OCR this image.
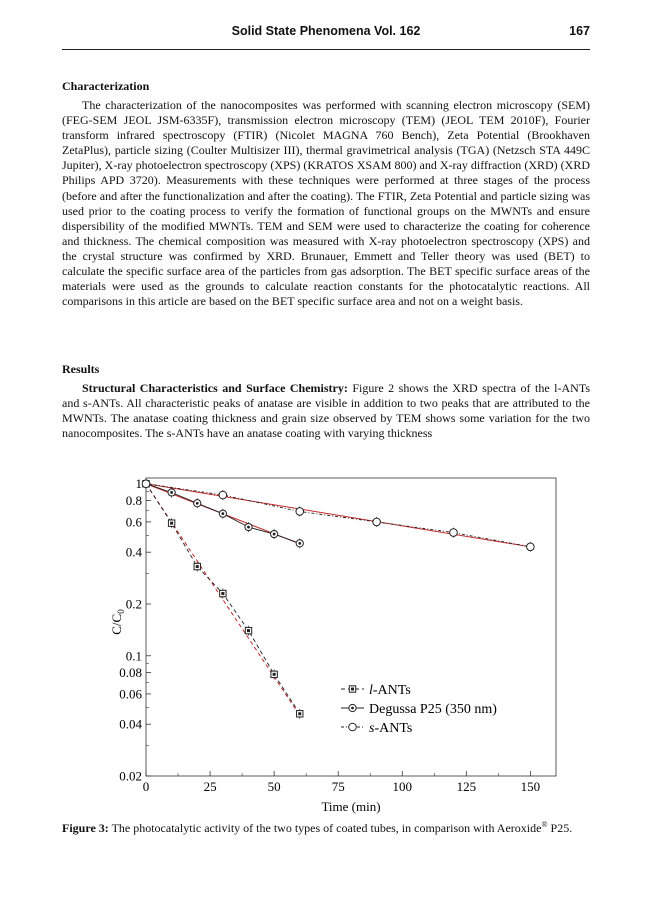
Solid State Phenomena Vol. 162	167
Characterization

The characterization of the nanocomposites was performed with scanning electron microscopy (SEM) (FEG-SEM JEOL JSM-6335F), transmission electron microscopy (TEM) (JEOL TEM 2010F), Fourier transform infrared spectroscopy (FTIR) (Nicolet MAGNA 760 Bench), Zeta Potential (Brookhaven ZetaPlus), particle sizing (Coulter Multisizer III), thermal gravimetrical analysis (TGA) (Netzsch STA 449C Jupiter), X-ray photoelectron spectroscopy (XPS) (KRATOS XSAM 800) and X-ray diffraction (XRD) (XRD Philips APD 3720). Measurements with these techniques were performed at three stages of the process (before and after the functionalization and after the coating). The FTIR, Zeta Potential and particle sizing was used prior to the coating process to verify the formation of functional groups on the MWNTs and ensure dispersibility of the modified MWNTs. TEM and SEM were used to characterize the coating for coherence and thickness. The chemical composition was measured with X-ray photoelectron spectroscopy (XPS) and the crystal structure was confirmed by XRD. Brunauer, Emmett and Teller theory was used (BET) to calculate the specific surface area of the particles from gas adsorption. The BET specific surface areas of the materials were used as the grounds to calculate reaction constants for the photocatalytic reactions. All comparisons in this article are based on the BET specific surface area and not on a weight basis.

Results

Structural Characteristics and Surface Chemistry: Figure 2 shows the XRD spectra of the l-ANTs and s-ANTs. All characteristic peaks of anatase are visible in addition to two peaks that are attributed to the MWNTs. The anatase coating thickness and grain size observed by TEM shows some variation for the two nanocomposites. The s-ANTs have an anatase coating with varying thickness

0	25	50	75	100	125	150
0.02
0.04
0.06
0.08
0.1
0.2
0.4
0.6
0.8
1
Time (min)
$C/C_0$
l-ANTs
Degussa P25 (350 nm)
s-ANTs

Figure 3: The photocatalytic activity of the two types of coated tubes, in comparison with Aeroxide® P25.
